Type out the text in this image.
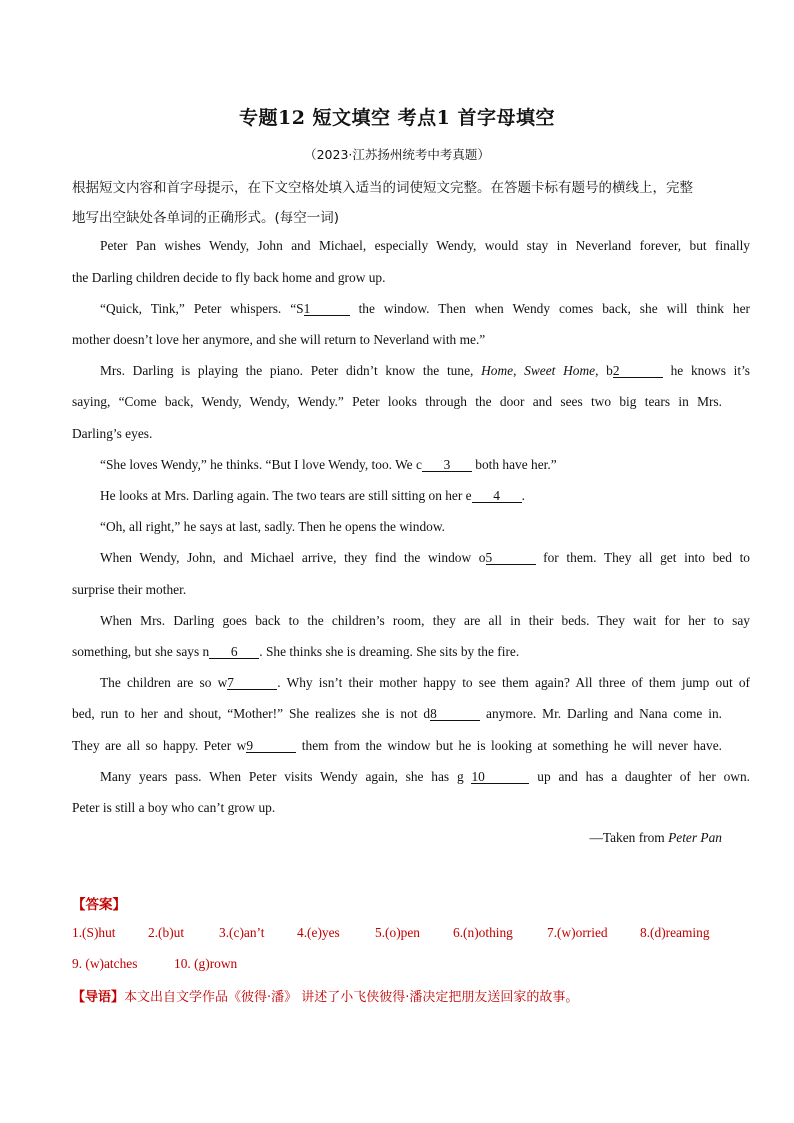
专题12 短文填空 考点1 首字母填空
（2023·江苏扬州统考中考真题）
根据短文内容和首字母提示，在下文空格处填入适当的词使短文完整。在答题卡标有题号的横线上，完整
地写出空缺处各单词的正确形式。(每空一词)
Peter Pan wishes Wendy, John and Michael, especially Wendy, would stay in Neverland forever, but finally
the Darling children decide to fly back home and grow up.
“Quick, Tink,” Peter whispers. “S1	the window. Then when Wendy comes back, she will think her
mother doesn’t love her anymore, and she will return to Neverland with me.”
Mrs. Darling is playing the piano. Peter didn’t know the tune, Home, Sweet Home, b2	he knows it’s
saying, “Come back, Wendy, Wendy, Wendy.” Peter looks through the door and sees two big tears in Mrs.
Darling’s eyes.
“She loves Wendy,” he thinks. “But I love Wendy, too. We c 3 both have her.”
He looks at Mrs. Darling again. The two tears are still sitting on her e 4 .
“Oh, all right,” he says at last, sadly. Then he opens the window.
When Wendy, John, and Michael arrive, they find the window o5	for them. They all get into bed to
surprise their mother.
When Mrs. Darling goes back to the children’s room, they are all in their beds. They wait for her to say
something, but she says n 6 . She thinks she is dreaming. She sits by the fire.
The children are so w7	. Why isn’t their mother happy to see them again? All three of them jump out of
bed, run to her and shout, “Mother!” She realizes she is not d8	anymore. Mr. Darling and Nana come in.
They are all so happy. Peter w9	them from the window but he is looking at something he will never have.
Many years pass. When Peter visits Wendy again, she has g 10	up and has a daughter of her own.
Peter is still a boy who can’t grow up.
—Taken from Peter Pan
【答案】
1.(S)hut 2.(b)ut	3.(c)an’t 4.(e)yes	5.(o)pen 6.(n)othing	7.(w)orried 8.(d)reaming
9. (w)atches	10. (g)rown
【导语】本文出自文学作品《彼得·潘》 讲述了小飞侠彼得·潘决定把朋友送回家的故事。
